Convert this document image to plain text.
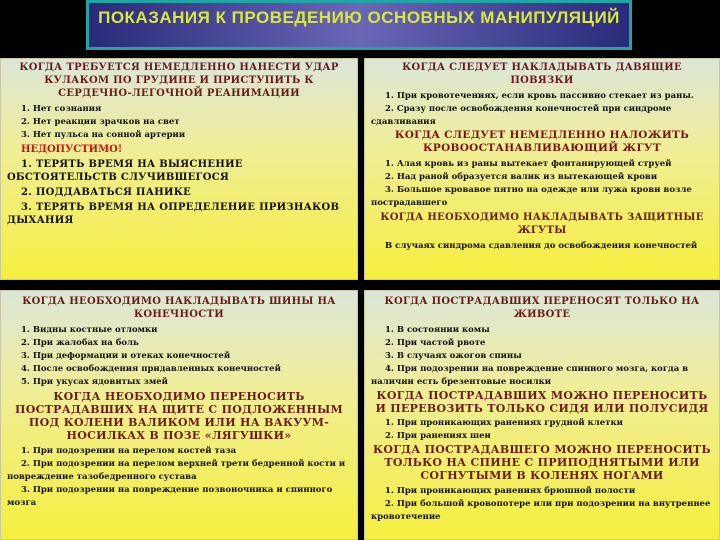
ПОКАЗАНИЯ К ПРОВЕДЕНИЮ ОСНОВНЫХ МАНИПУЛЯЦИЙ
КОГДА ТРЕБУЕТСЯ НЕМЕДЛЕННО НАНЕСТИ УДАР КУЛАКОМ ПО ГРУДИНЕ И ПРИСТУПИТЬ К СЕРДЕЧНО-ЛЕГОЧНОЙ РЕАНИМАЦИИ
1. Нет сознания
2. Нет реакции зрачков на свет
3. Нет пульса на сонной артерии
НЕДОПУСТИМО!
1. ТЕРЯТЬ ВРЕМЯ НА ВЫЯСНЕНИЕ ОБСТОЯТЕЛЬСТВ СЛУЧИВШЕГОСЯ
2. ПОДДАВАТЬСЯ ПАНИКЕ
3. ТЕРЯТЬ ВРЕМЯ НА ОПРЕДЕЛЕНИЕ ПРИЗНАКОВ ДЫХАНИЯ
КОГДА СЛЕДУЕТ НАКЛАДЫВАТЬ ДАВЯЩИЕ ПОВЯЗКИ
1. При кровотечениях, если кровь пассивно стекает из раны.
2. Сразу после освобождения конечностей при синдроме сдавливания
КОГДА СЛЕДУЕТ НЕМЕДЛЕННО НАЛОЖИТЬ КРОВООСТАНАВЛИВАЮЩИЙ ЖГУТ
1. Алая кровь из раны вытекает фонтанирующей струей
2. Над раной образуется валик из вытекающей крови
3. Большое кровавое пятно на одежде или лужа крови возле пострадавшего
КОГДА НЕОБХОДИМО НАКЛАДЫВАТЬ ЗАЩИТНЫЕ ЖГУТЫ
В случаях синдрома сдавления до освобождения конечностей
КОГДА НЕОБХОДИМО НАКЛАДЫВАТЬ ШИНЫ НА КОНЕЧНОСТИ
1. Видны костные отломки
2. При жалобах на боль
3. При деформации и отеках конечностей
4. После освобождения придавленных конечностей
5. При укусах ядовитых змей
КОГДА НЕОБХОДИМО ПЕРЕНОСИТЬ ПОСТРАДАВШИХ НА ЩИТЕ С ПОДЛОЖЕННЫМ ПОД КОЛЕНИ ВАЛИКОМ ИЛИ НА ВАКУУМ-НОСИЛКАХ В ПОЗЕ «ЛЯГУШКИ»
1. При подозрении на перелом костей таза
2. При подозрении на перелом верхней трети бедренной кости и повреждение тазобедренного сустава
3. При подозрении на повреждение позвоночника и спинного мозга
КОГДА ПОСТРАДАВШИХ ПЕРЕНОСЯТ ТОЛЬКО НА ЖИВОТЕ
1. В состоянии комы
2. При частой рвоте
3. В случаях ожогов спины
4. При подозрении на повреждение спинного мозга, когда в наличии есть брезентовые носилки
КОГДА ПОСТРАДАВШИХ МОЖНО ПЕРЕНОСИТЬ И ПЕРЕВОЗИТЬ ТОЛЬКО СИДЯ ИЛИ ПОЛУСИДЯ
1. При проникающих ранениях грудной клетки
2. При ранениях шеи
КОГДА ПОСТРАДАВШЕГО МОЖНО ПЕРЕНОСИТЬ ТОЛЬКО НА СПИНЕ С ПРИПОДНЯТЫМИ ИЛИ СОГНУТЫМИ В КОЛЕНЯХ НОГАМИ
1. При проникающих ранениях брюшной полости
2. При большой кровопотере или при подозрении на внутреннее кровотечение
